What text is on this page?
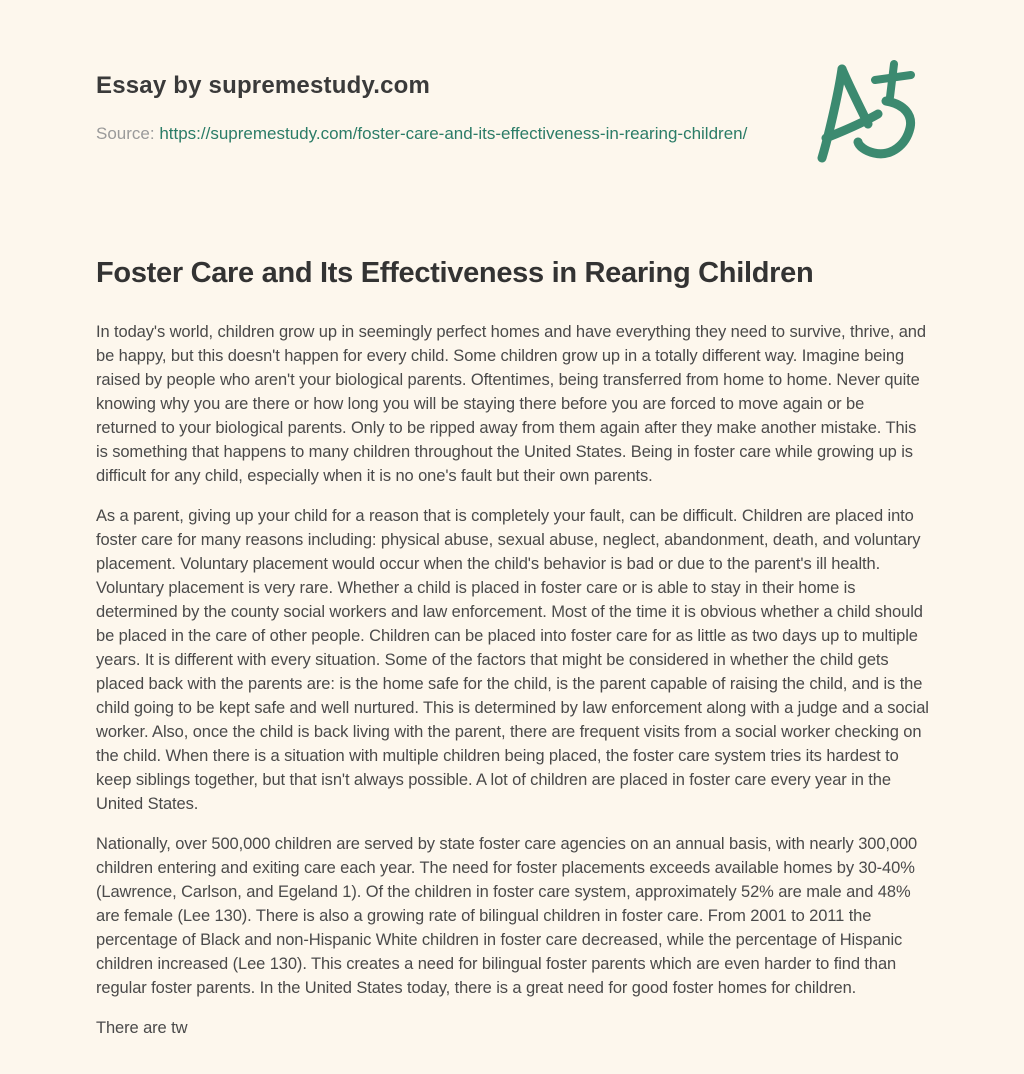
Essay by supremestudy.com

Source: https://supremestudy.com/foster-care-and-its-effectiveness-in-rearing-children/

Foster Care and Its Effectiveness in Rearing Children

In today's world, children grow up in seemingly perfect homes and have everything they need to survive, thrive, and be happy, but this doesn't happen for every child. Some children grow up in a totally different way. Imagine being raised by people who aren't your biological parents. Oftentimes, being transferred from home to home. Never quite knowing why you are there or how long you will be staying there before you are forced to move again or be returned to your biological parents. Only to be ripped away from them again after they make another mistake. This is something that happens to many children throughout the United States. Being in foster care while growing up is difficult for any child, especially when it is no one's fault but their own parents.

As a parent, giving up your child for a reason that is completely your fault, can be difficult. Children are placed into foster care for many reasons including: physical abuse, sexual abuse, neglect, abandonment, death, and voluntary placement. Voluntary placement would occur when the child's behavior is bad or due to the parent's ill health. Voluntary placement is very rare. Whether a child is placed in foster care or is able to stay in their home is determined by the county social workers and law enforcement. Most of the time it is obvious whether a child should be placed in the care of other people. Children can be placed into foster care for as little as two days up to multiple years. It is different with every situation. Some of the factors that might be considered in whether the child gets placed back with the parents are: is the home safe for the child, is the parent capable of raising the child, and is the child going to be kept safe and well nurtured. This is determined by law enforcement along with a judge and a social worker. Also, once the child is back living with the parent, there are frequent visits from a social worker checking on the child. When there is a situation with multiple children being placed, the foster care system tries its hardest to keep siblings together, but that isn't always possible. A lot of children are placed in foster care every year in the United States.

Nationally, over 500,000 children are served by state foster care agencies on an annual basis, with nearly 300,000 children entering and exiting care each year. The need for foster placements exceeds available homes by 30-40% (Lawrence, Carlson, and Egeland 1). Of the children in foster care system, approximately 52% are male and 48% are female (Lee 130). There is also a growing rate of bilingual children in foster care. From 2001 to 2011 the percentage of Black and non-Hispanic White children in foster care decreased, while the percentage of Hispanic children increased (Lee 130). This creates a need for bilingual foster parents which are even harder to find than regular foster parents. In the United States today, there is a great need for good foster homes for children.

There are tw
